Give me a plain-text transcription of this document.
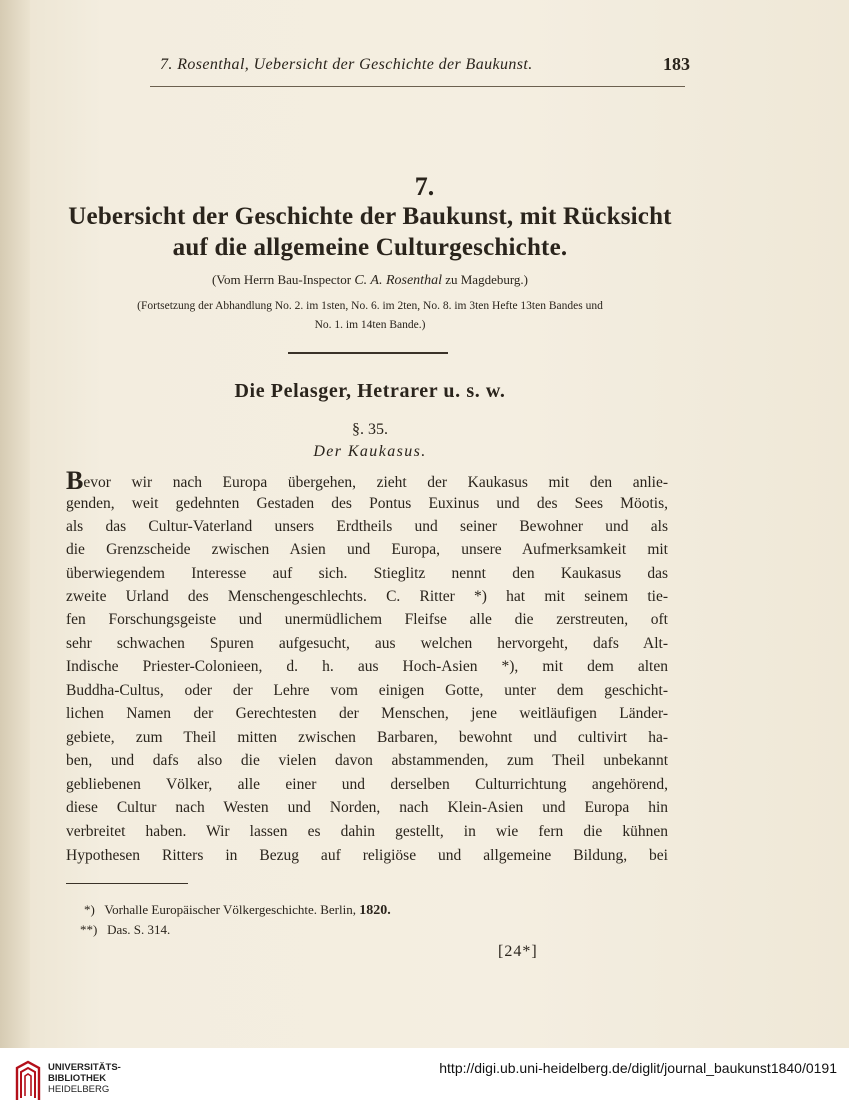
7. Rosenthal, Uebersicht der Geschichte der Baukunst.	183
7.
Uebersicht der Geschichte der Baukunst, mit Rücksicht
auf die allgemeine Culturgeschichte.
(Vom Herrn Bau-Inspector C. A. Rosenthal zu Magdeburg.)
(Fortsetzung der Abhandlung No. 2. im 1sten, No. 6. im 2ten, No. 8. im 3ten Hefte 13ten Bandes und
No. 1. im 14ten Bande.)
Die Pelasger, Hetrarer u. s. w.
§. 35.
Der Kaukasus.
Bevor wir nach Europa übergehen, zieht der Kaukasus mit den anlie-
genden, weit gedehnten Gestaden des Pontus Euxinus und des Sees Möotis,
als das Cultur-Vaterland unsers Erdtheils und seiner Bewohner und als
die Grenzscheide zwischen Asien und Europa, unsere Aufmerksamkeit mit
überwiegendem Interesse auf sich. Stieglitz nennt den Kaukasus das
zweite Urland des Menschengeschlechts. C. Ritter *) hat mit seinem tie-
fen Forschungsgeiste und unermüdlichem Fleifse alle die zerstreuten, oft
sehr schwachen Spuren aufgesucht, aus welchen hervorgeht, dafs Alt-
Indische Priester-Colonieen, d. h. aus Hoch-Asien *), mit dem alten
Buddha-Cultus, oder der Lehre vom einigen Gotte, unter dem geschicht-
lichen Namen der Gerechtesten der Menschen, jene weitläufigen Länder-
gebiete, zum Theil mitten zwischen Barbaren, bewohnt und cultivirt ha-
ben, und dafs also die vielen davon abstammenden, zum Theil unbekannt
gebliebenen Völker, alle einer und derselben Culturrichtung angehörend,
diese Cultur nach Westen und Norden, nach Klein-Asien und Europa hin
verbreitet haben. Wir lassen es dahin gestellt, in wie fern die kühnen
Hypothesen Ritters in Bezug auf religiöse und allgemeine Bildung, bei
*) Vorhalle Europäischer Völkergeschichte. Berlin, 1820.
**) Das. S. 314.
[24*]
UNIVERSITÄTS-
BIBLIOTHEK
HEIDELBERG
http://digi.ub.uni-heidelberg.de/diglit/journal_baukunst1840/0191
